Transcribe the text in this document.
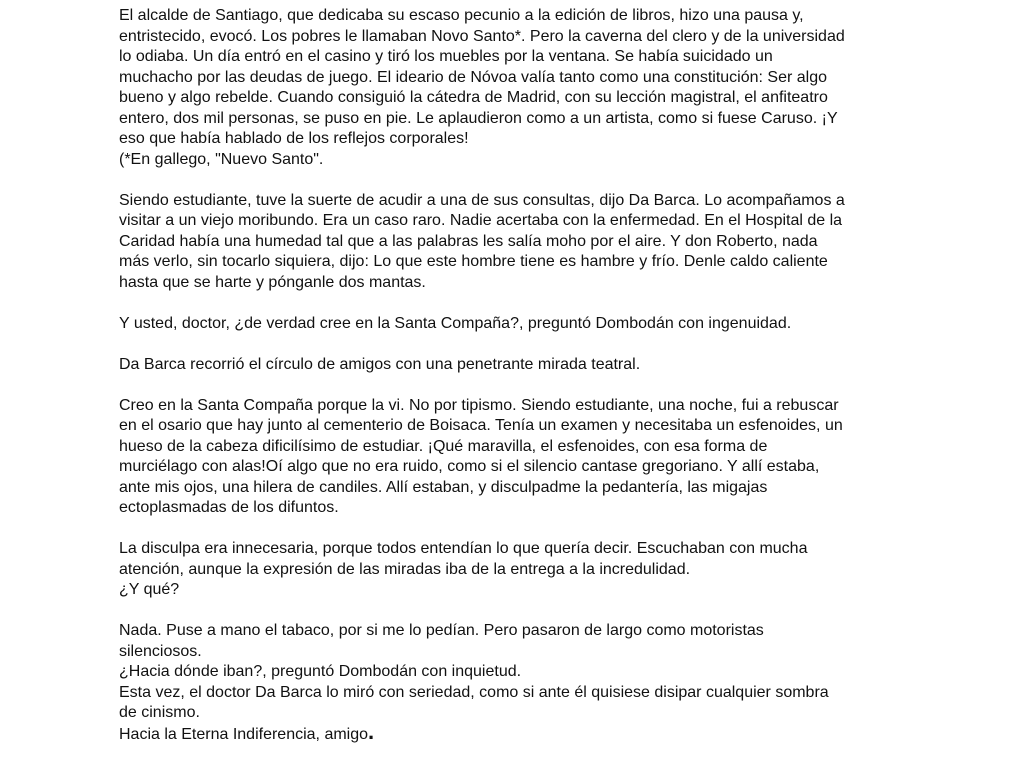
El alcalde de Santiago, que dedicaba su escaso pecunio a la edición de libros, hizo una pausa y, entristecido, evocó. Los pobres le llamaban Novo Santo*. Pero la caverna del clero y de la universidad lo odiaba. Un día entró en el casino y tiró los muebles por la ventana. Se había suicidado un muchacho por las deudas de juego. El ideario de Nóvoa valía tanto como una constitución: Ser algo bueno y algo rebelde. Cuando consiguió la cátedra de Madrid, con su lección magistral, el anfiteatro entero, dos mil personas, se puso en pie. Le aplaudieron como a un artista, como si fuese Caruso. ¡Y eso que había hablado de los reflejos corporales!

(*En gallego, "Nuevo Santo".

Siendo estudiante, tuve la suerte de acudir a una de sus consultas, dijo Da Barca. Lo acompañamos a visitar a un viejo moribundo. Era un caso raro. Nadie acertaba con la enfermedad. En el Hospital de la Caridad había una humedad tal que a las palabras les salía moho por el aire. Y don Roberto, nada más verlo, sin tocarlo siquiera, dijo: Lo que este hombre tiene es hambre y frío. Denle caldo caliente hasta que se harte y pónganle dos mantas.

Y usted, doctor, ¿de verdad cree en la Santa Compaña?, preguntó Dombodán con ingenuidad.

Da Barca recorrió el círculo de amigos con una penetrante mirada teatral.

Creo en la Santa Compaña porque la vi. No por tipismo. Siendo estudiante, una noche, fui a rebuscar en el osario que hay junto al cementerio de Boisaca. Tenía un examen y necesitaba un esfenoides, un hueso de la cabeza dificilísimo de estudiar. ¡Qué maravilla, el esfenoides, con esa forma de murciélago con alas!Oí algo que no era ruido, como si el silencio cantase gregoriano. Y allí estaba, ante mis ojos, una hilera de candiles. Allí estaban, y disculpadme la pedantería, las migajas ectoplasmadas de los difuntos.

La disculpa era innecesaria, porque todos entendían lo que quería decir. Escuchaban con mucha atención, aunque la expresión de las miradas iba de la entrega a la incredulidad.

¿Y qué?

Nada. Puse a mano el tabaco, por si me lo pedían. Pero pasaron de largo como motoristas silenciosos.

¿Hacia dónde iban?, preguntó Dombodán con inquietud.

Esta vez, el doctor Da Barca lo miró con seriedad, como si ante él quisiese disipar cualquier sombra de cinismo.

Hacia la Eterna Indiferencia, amigo.
